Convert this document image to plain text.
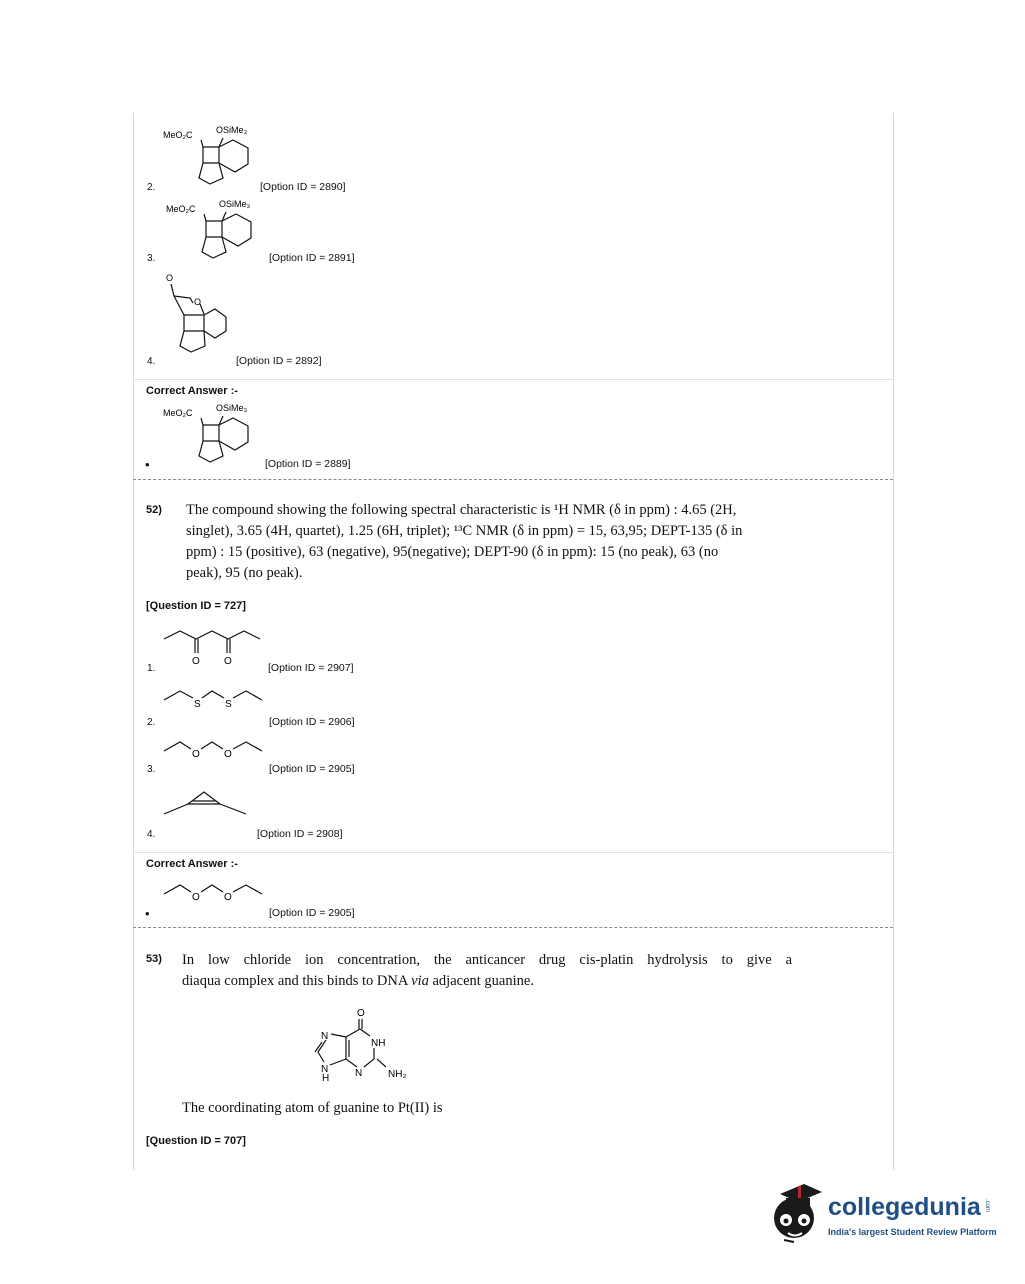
MeO₂C	OSiMe₃
2.	[Option ID = 2890]
MeO₂C	OSiMe₃
3.	[Option ID = 2891]
O
O
4.	[Option ID = 2892]
Correct Answer :-
MeO₂C	OSiMe₃
•	[Option ID = 2889]
52) The compound showing the following spectral characteristic is ¹H NMR (δ in ppm) : 4.65 (2H,
singlet), 3.65 (4H, quartet), 1.25 (6H, triplet); ¹³C NMR (δ in ppm) = 15, 63,95; DEPT-135 (δ in
ppm) : 15 (positive), 63 (negative), 95(negative); DEPT-90 (δ in ppm): 15 (no peak), 63 (no
peak), 95 (no peak).
[Question ID = 727]
O O
1.	[Option ID = 2907]
S S
2.	[Option ID = 2906]
O O
3.	[Option ID = 2905]
4.	[Option ID = 2908]
Correct Answer :-
O O
•	[Option ID = 2905]
53) In low chloride ion concentration, the anticancer drug cis-platin hydrolysis to give a
diaqua complex and this binds to DNA via adjacent guanine.
O
N
NH
N
H	N	NH₂
The coordinating atom of guanine to Pt(II) is
[Question ID = 707]
collegedunia .com
India's largest Student Review Platform
